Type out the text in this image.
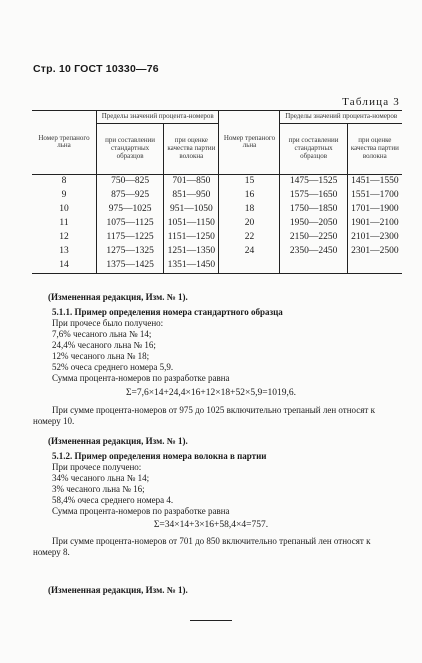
Стр. 10 ГОСТ 10330—76
Таблица 3
Номер трепаного льна	Пределы значений процента-номеров		Номер трепаного льна	Пределы значений процента-номеров	
	при составлении стандартных образцов	при оценке качества партии волокна		при составлении стандартных образцов	при оценке качества партии волокна
8	750—825	701—850	15	1475—1525	1451—1550
9	875—925	851—950	16	1575—1650	1551—1700
10	975—1025	951—1050	18	1750—1850	1701—1900
11	1075—1125	1051—1150	20	1950—2050	1901—2100
12	1175—1225	1151—1250	22	2150—2250	2101—2300
13	1275—1325	1251—1350	24	2350—2450	2301—2500
14	1375—1425	1351—1450			
(Измененная редакция, Изм. № 1).
5.1.1. Пример определения номера стандартного образца
При прочесе было получено:
7,6% чесаного льна № 14;
24,4% чесаного льна № 16;
12% чесаного льна № 18;
52% очеса среднего номера 5,9.
Сумма процента-номеров по разработке равна
Σ=7,6×14+24,4×16+12×18+52×5,9=1019,6.
При сумме процента-номеров от 975 до 1025 включительно трепаный лен относят к номеру 10.
(Измененная редакция, Изм. № 1).
5.1.2. Пример определения номера волокна в партии
При прочесе получено:
34% чесаного льна № 14;
3% чесаного льна № 16;
58,4% очеса среднего номера 4.
Сумма процента-номеров по разработке равна
Σ=34×14+3×16+58,4×4=757.
При сумме процента-номеров от 701 до 850 включительно трепаный лен относят к номеру 8.
(Измененная редакция, Изм. № 1).
